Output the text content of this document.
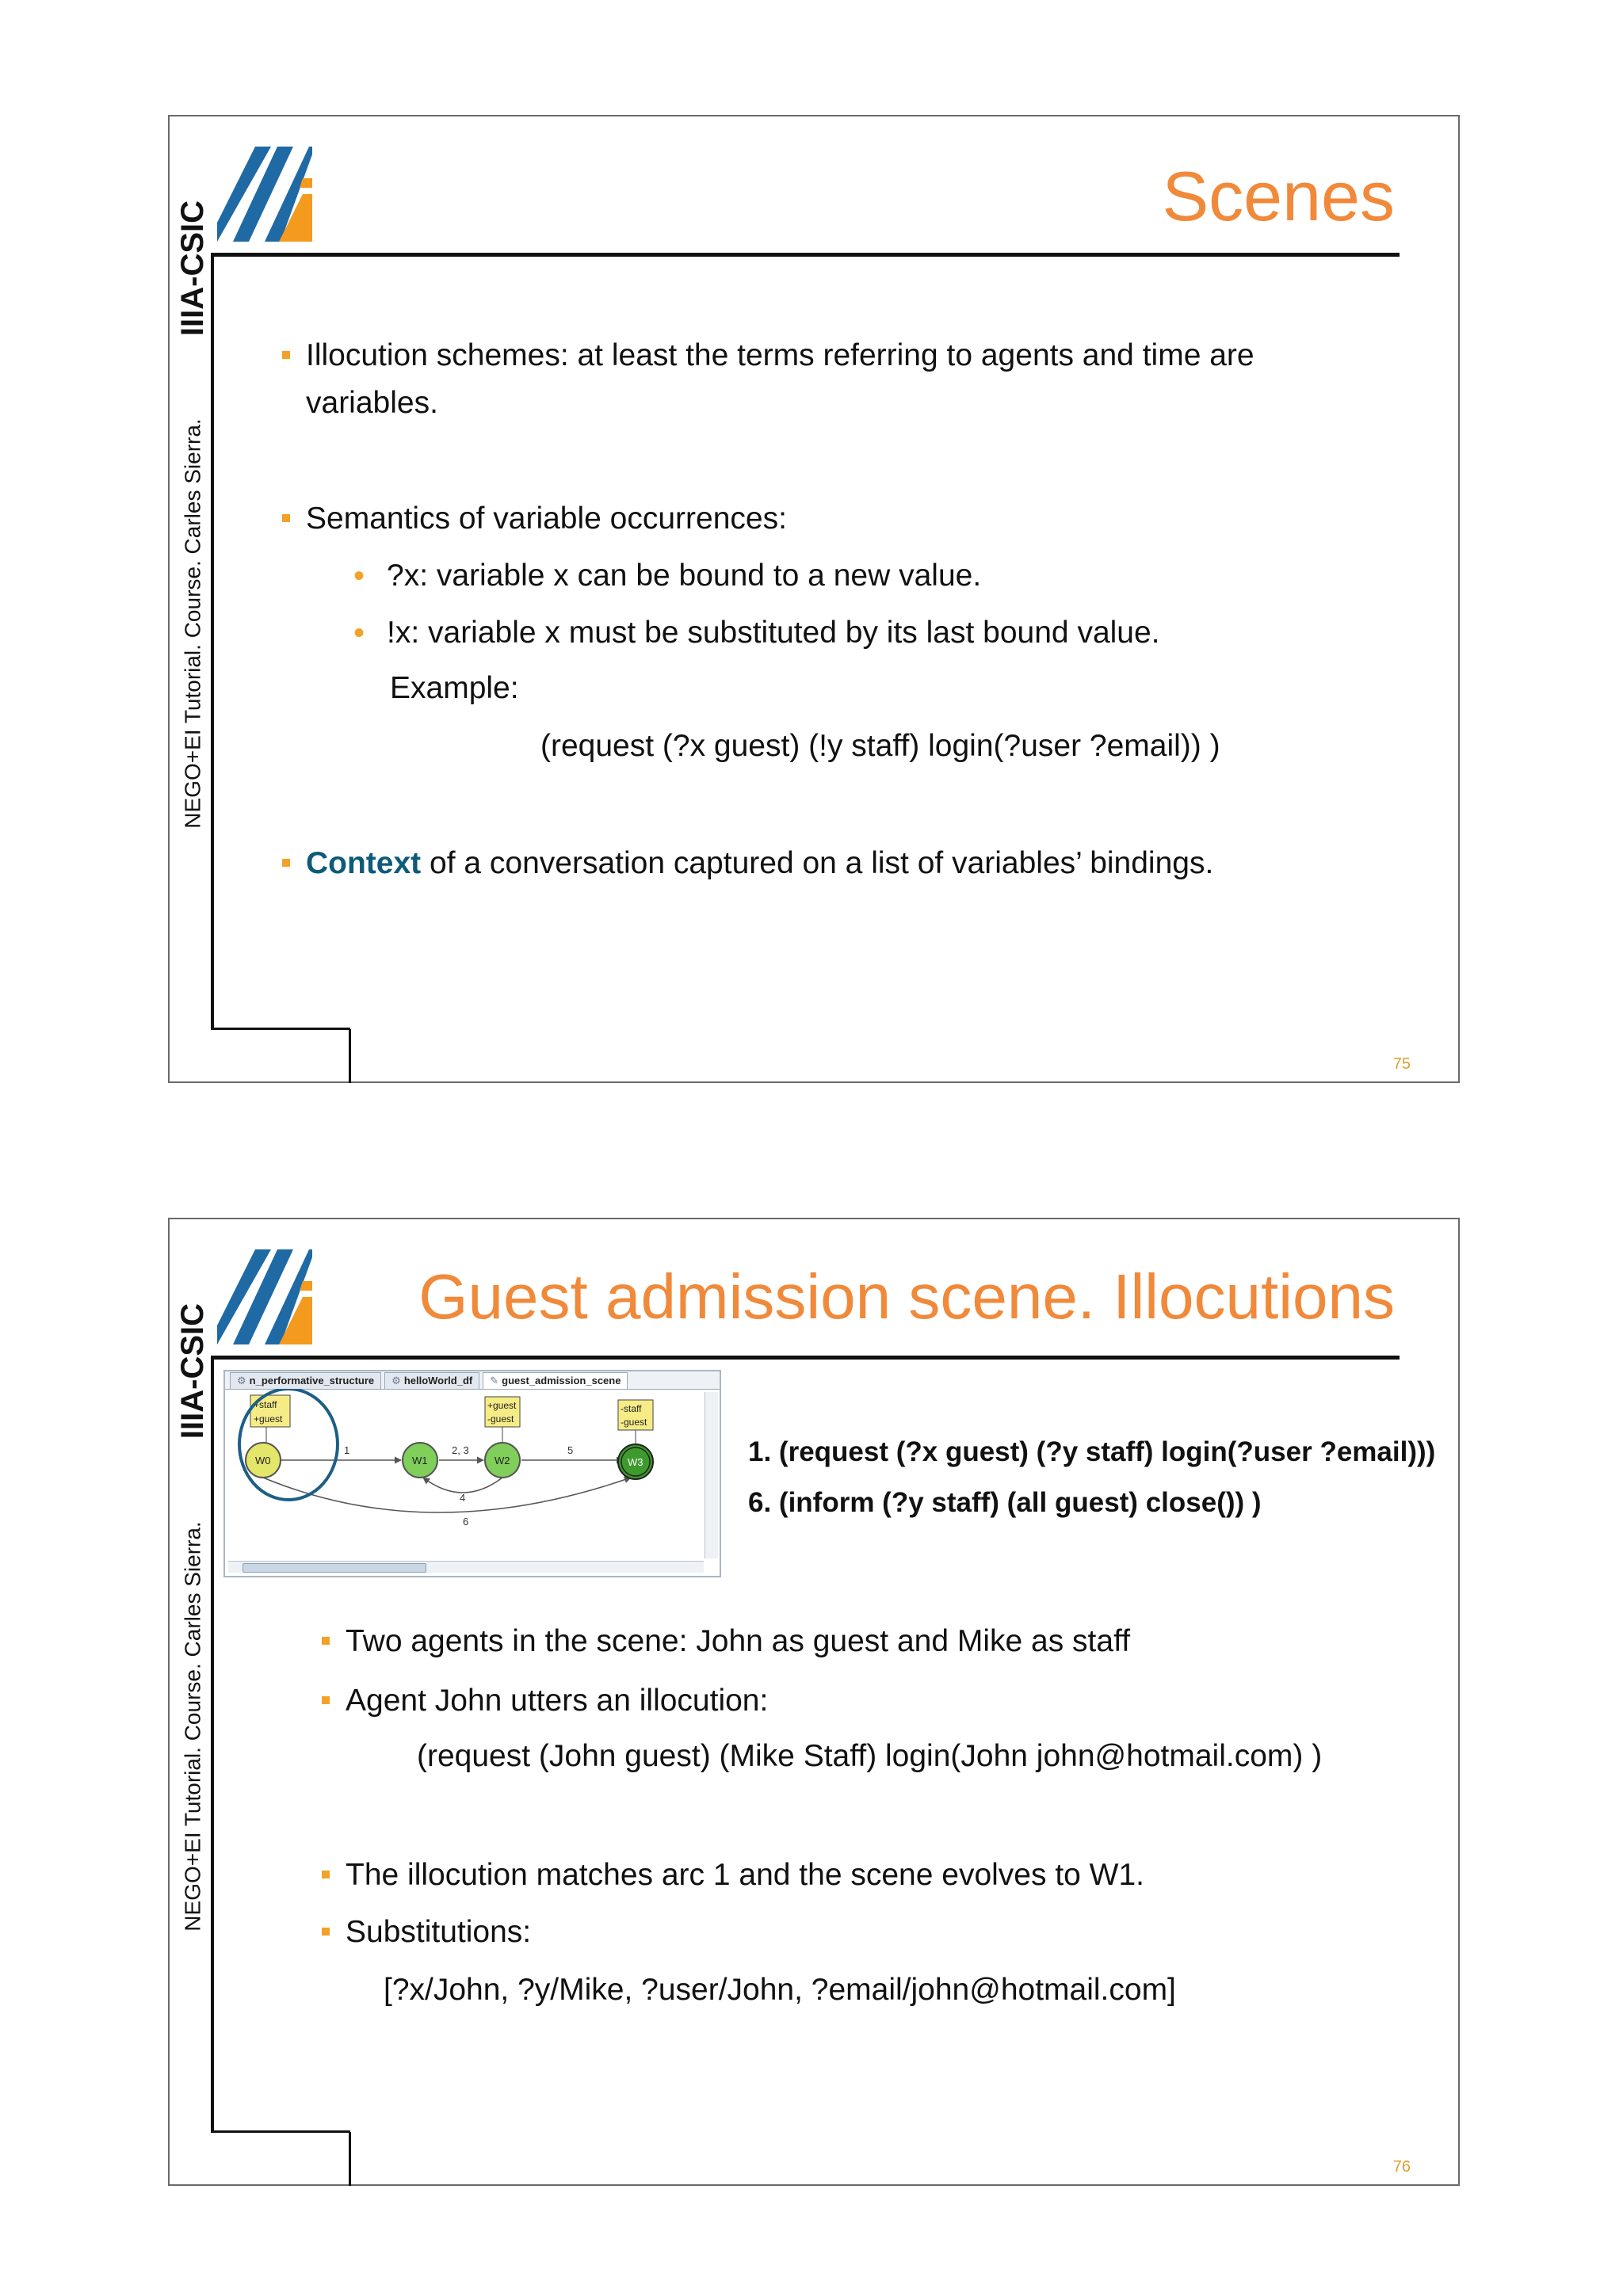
IIIA-CSIC
NEGO+EI Tutorial. Course. Carles Sierra.
Scenes
Illocution schemes: at least the terms referring to agents and time are
variables.
Semantics of variable occurrences:
• ?x: variable x can be bound to a new value.
• !x: variable x must be substituted by its last bound value.
Example:
(request (?x guest) (!y staff) login(?user ?email)) )
Context of a conversation captured on a list of variables’ bindings.
75
IIIA-CSIC
NEGO+EI Tutorial. Course. Carles Sierra.
Guest admission scene. Illocutions
⚙ n_performative_structure	⚙ helloWorld_df	✎ guest_admission_scene
1	2, 3	5
4
6
+staff
+guest
+guest
-guest
-staff
-guest
W0	W1	W2	W3	1. (request (?x guest) (?y staff) login(?user ?email)))
6. (inform (?y staff) (all guest) close()) )
Two agents in the scene: John as guest and Mike as staff
Agent John utters an illocution:
(request (John guest) (Mike Staff) login(John john@hotmail.com) )
The illocution matches arc 1 and the scene evolves to W1.
Substitutions:
[?x/John, ?y/Mike, ?user/John, ?email/john@hotmail.com]
76
